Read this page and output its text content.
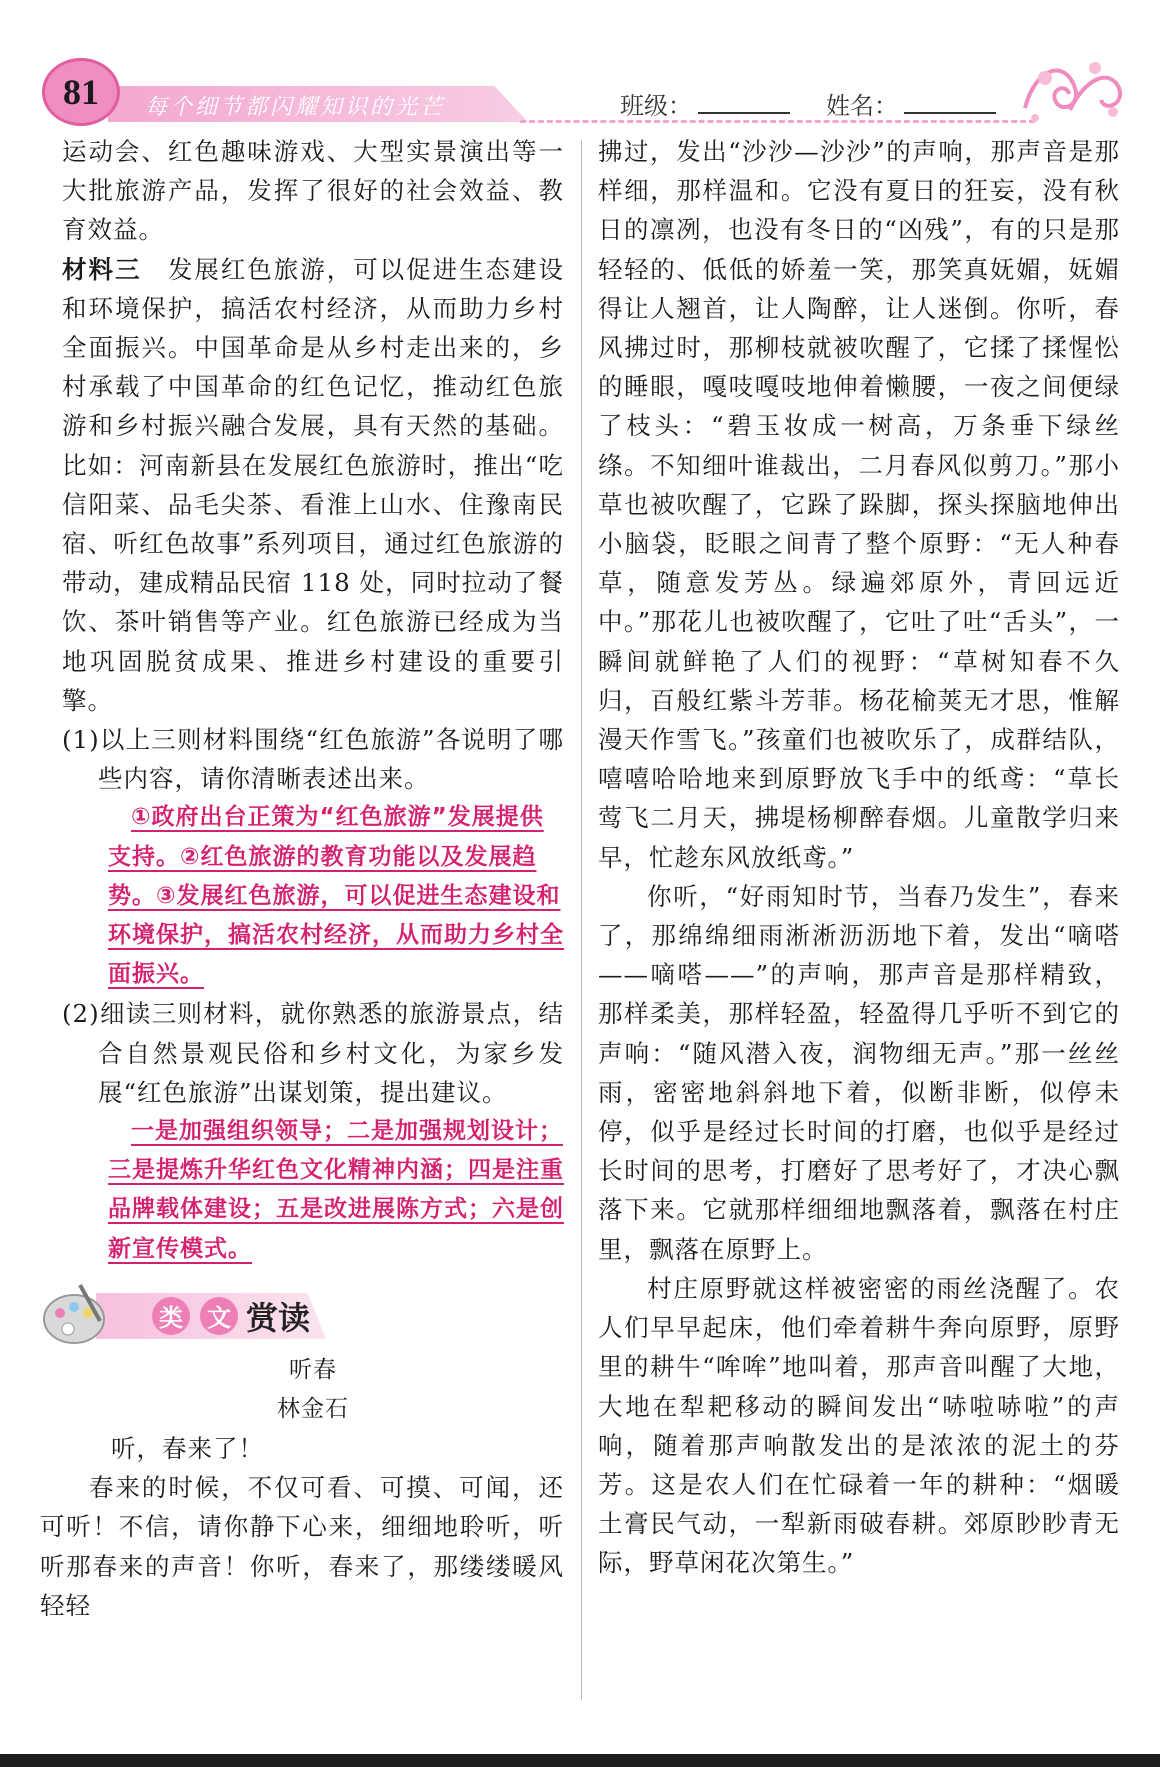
81	每个细节都闪耀知识的光芒	班级：	姓名：

运动会、红色趣味游戏、大型实景演出等一大批旅游产品，发挥了很好的社会效益、教育效益。

材料三　发展红色旅游，可以促进生态建设和环境保护，搞活农村经济，从而助力乡村全面振兴。中国革命是从乡村走出来的，乡村承载了中国革命的红色记忆，推动红色旅游和乡村振兴融合发展，具有天然的基础。比如：河南新县在发展红色旅游时，推出“吃信阳菜、品毛尖茶、看淮上山水、住豫南民宿、听红色故事”系列项目，通过红色旅游的带动，建成精品民宿 118 处，同时拉动了餐饮、茶叶销售等产业。红色旅游已经成为当地巩固脱贫成果、推进乡村建设的重要引擎。

(1)以上三则材料围绕“红色旅游”各说明了哪些内容，请你清晰表述出来。

①政府出台正策为“红色旅游”发展提供支持。②红色旅游的教育功能以及发展趋势。③发展红色旅游，可以促进生态建设和环境保护，搞活农村经济，从而助力乡村全面振兴。

(2)细读三则材料，就你熟悉的旅游景点，结合自然景观民俗和乡村文化，为家乡发展“红色旅游”出谋划策，提出建议。

一是加强组织领导；二是加强规划设计；三是提炼升华红色文化精神内涵；四是注重品牌载体建设；五是改进展陈方式；六是创新宣传模式。

类 文 赏读

听春

林金石

听，春来了！

春来的时候，不仅可看、可摸、可闻，还可听！不信，请你静下心来，细细地聆听，听听那春来的声音！你听，春来了，那缕缕暖风轻轻

拂过，发出“沙沙—沙沙”的声响，那声音是那样细，那样温和。它没有夏日的狂妄，没有秋日的凛冽，也没有冬日的“凶残”，有的只是那轻轻的、低低的娇羞一笑，那笑真妩媚，妩媚得让人翘首，让人陶醉，让人迷倒。你听，春风拂过时，那柳枝就被吹醒了，它揉了揉惺忪的睡眼，嘎吱嘎吱地伸着懒腰，一夜之间便绿了枝头：“碧玉妆成一树高，万条垂下绿丝绦。不知细叶谁裁出，二月春风似剪刀。”那小草也被吹醒了，它跺了跺脚，探头探脑地伸出小脑袋，眨眼之间青了整个原野：“无人种春草，随意发芳丛。绿遍郊原外，青回远近中。”那花儿也被吹醒了，它吐了吐“舌头”，一瞬间就鲜艳了人们的视野：“草树知春不久归，百般红紫斗芳菲。杨花榆荚无才思，惟解漫天作雪飞。”孩童们也被吹乐了，成群结队，嘻嘻哈哈地来到原野放飞手中的纸鸢：“草长莺飞二月天，拂堤杨柳醉春烟。儿童散学归来早，忙趁东风放纸鸢。”

你听，“好雨知时节，当春乃发生”，春来了，那绵绵细雨淅淅沥沥地下着，发出“嘀嗒——嘀嗒——”的声响，那声音是那样精致，那样柔美，那样轻盈，轻盈得几乎听不到它的声响：“随风潜入夜，润物细无声。”那一丝丝雨，密密地斜斜地下着，似断非断，似停未停，似乎是经过长时间的打磨，也似乎是经过长时间的思考，打磨好了思考好了，才决心飘落下来。它就那样细细地飘落着，飘落在村庄里，飘落在原野上。

村庄原野就这样被密密的雨丝浇醒了。农人们早早起床，他们牵着耕牛奔向原野，原野里的耕牛“哞哞”地叫着，那声音叫醒了大地，大地在犁耙移动的瞬间发出“哧啦哧啦”的声响，随着那声响散发出的是浓浓的泥土的芬芳。这是农人们在忙碌着一年的耕种：“烟暖土膏民气动，一犁新雨破春耕。郊原眇眇青无际，野草闲花次第生。”
